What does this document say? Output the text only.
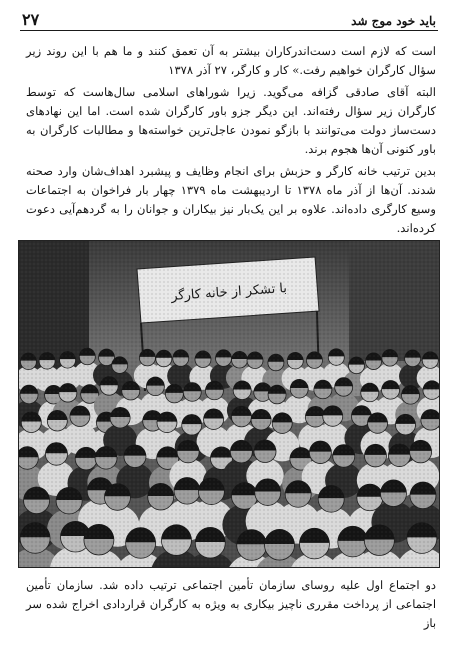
۲۷	باید خود موج شد

است که لازم است دست‌اندرکاران بیشتر به آن تعمق کنند و ما هم با این روند زیر سؤال کارگران خواهیم رفت.» کار و کارگر، ۲۷ آذر ۱۳۷۸

البته آقای صادقی گزافه می‌گوید. زیرا شوراهای اسلامی سال‌هاست که توسط کارگران زیر سؤال رفته‌اند. این دیگر جزو باور کارگران شده است. اما این نهادهای دست‌ساز دولت می‌توانند با بازگو نمودن عاجل‌ترین خواسته‌ها و مطالبات کارگران به باور کنونی آن‌ها هجوم برند.

بدین ترتیب خانه کارگر و حزبش برای انجام وظایف و پیشبرد اهداف‌شان وارد صحنه شدند. آن‌ها از آذر ماه ۱۳۷۸ تا اردیبهشت ماه ۱۳۷۹ چهار بار فراخوان به اجتماعات وسیع کارگری داده‌اند. علاوه بر این یک‌بار نیز بیکاران و جوانان را به گردهم‌آیی دعوت کرده‌اند.

دو اجتماع اول علیه روسای سازمان تأمین اجتماعی ترتیب داده شد. سازمان تأمین اجتماعی از پرداخت مقرری ناچیز بیکاری به ویژه به کارگران قراردادی اخراج شده سر باز
